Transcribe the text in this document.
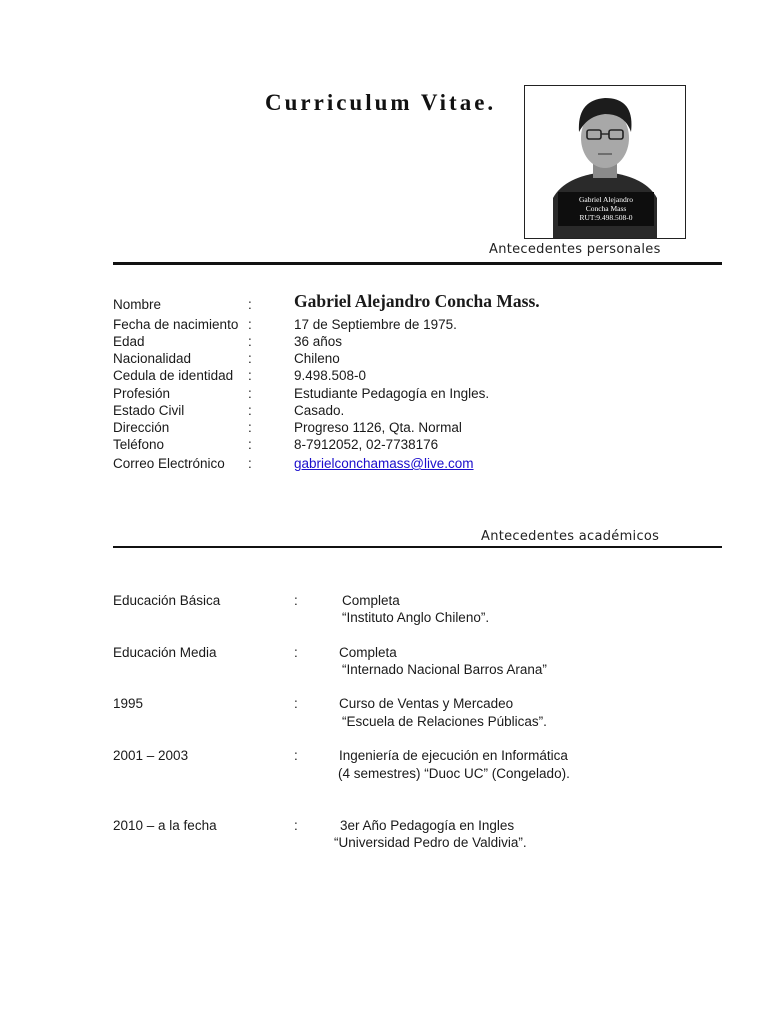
Curriculum Vitae.
Gabriel Alejandro
Concha Mass
RUT:9.498.508-0
Antecedentes personales
Nombre	: Gabriel Alejandro Concha Mass.
Fecha de nacimiento :	17 de Septiembre de 1975.
Edad	:	36 años
Nacionalidad	:	Chileno
Cedula de identidad :	9.498.508-0
Profesión	:	Estudiante Pedagogía en Ingles.
Estado Civil	:	Casado.
Dirección	:	Progreso 1126, Qta. Normal
Teléfono	:	8-7912052, 02-7738176
Correo Electrónico :	gabrielconchamass@live.com
Antecedentes académicos
Educación Básica	:	Completa
“Instituto Anglo Chileno”.
Educación Media	:	Completa
“Internado Nacional Barros Arana”
1995	:	Curso de Ventas y Mercadeo
“Escuela de Relaciones Públicas”.
2001 – 2003	:	Ingeniería de ejecución en Informática
(4 semestres) “Duoc UC” (Congelado).
2010 – a la fecha	:	3er Año Pedagogía en Ingles
“Universidad Pedro de Valdivia”.
